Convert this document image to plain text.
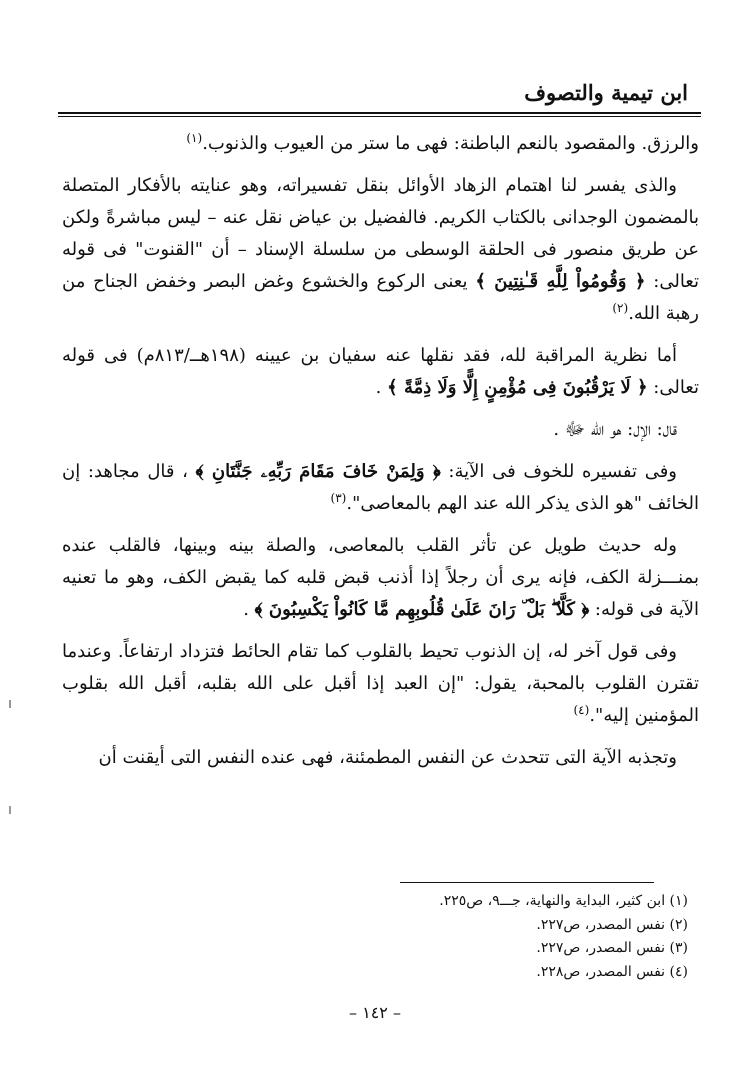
ابن تيمية والتصوف

والرزق. والمقصود بالنعم الباطنة: فهى ما ستر من العيوب والذنوب.$^{(١)}$

والذى يفسر لنا اهتمام الزهاد الأوائل بنقل تفسيراته، وهو عنايته بالأفكار المتصلة بالمضمون الوجدانى بالكتاب الكريم. فالفضيل بن عياض نقل عنه – ليس مباشرةً ولكن عن طريق منصور فى الحلقة الوسطى من سلسلة الإسناد – أن "القنوت" فى قوله تعالى: ﴿ وَقُومُواْ لِلَّهِ قَـٰنِتِينَ ﴾ يعنى الركوع والخشوع وغض البصر وخفض الجناح من رهبة الله.$^{(٢)}$

أما نظرية المراقبة لله، فقد نقلها عنه سفيان بن عيينه (١٩٨هــ/٨١٣م) فى قوله تعالى: ﴿ لَا يَرْقُبُونَ فِى مُؤْمِنٍ إِلًّا وَلَا ذِمَّةً ﴾ .

قال: الإل: هو الله ﷻ .

وفى تفسيره للخوف فى الآية: ﴿ وَلِمَنْ خَافَ مَقَامَ رَبِّهِۦ جَنَّتَانِ ﴾ ، قال مجاهد: إن الخائف "هو الذى يذكر الله عند الهم بالمعاصى".$^{(٣)}$

وله حديث طويل عن تأثر القلب بالمعاصى، والصلة بينه وبينها، فالقلب عنده بمنـــزلة الكف، فإنه يرى أن رجلاً إذا أذنب قبض قلبه كما يقبض الكف، وهو ما تعنيه الآية فى قوله: ﴿ كَلَّا ۖ بَلْ ۜ رَانَ عَلَىٰ قُلُوبِهِم مَّا كَانُواْ يَكْسِبُونَ ﴾ .

وفى قول آخر له، إن الذنوب تحيط بالقلوب كما تقام الحائط فتزداد ارتفاعاً. وعندما تقترن القلوب بالمحبة، يقول: "إن العبد إذا أقبل على الله بقلبه، أقبل الله بقلوب المؤمنين إليه".$^{(٤)}$

وتجذبه الآية التى تتحدث عن النفس المطمئنة، فهى عنده النفس التى أيقنت أن

(١) ابن كثير، البداية والنهاية، جـــ٩، ص٢٢٥.
(٢) نفس المصدر، ص٢٢٧.
(٣) نفس المصدر، ص٢٢٧.
(٤) نفس المصدر، ص٢٢٨.
– ١٤٢ –
